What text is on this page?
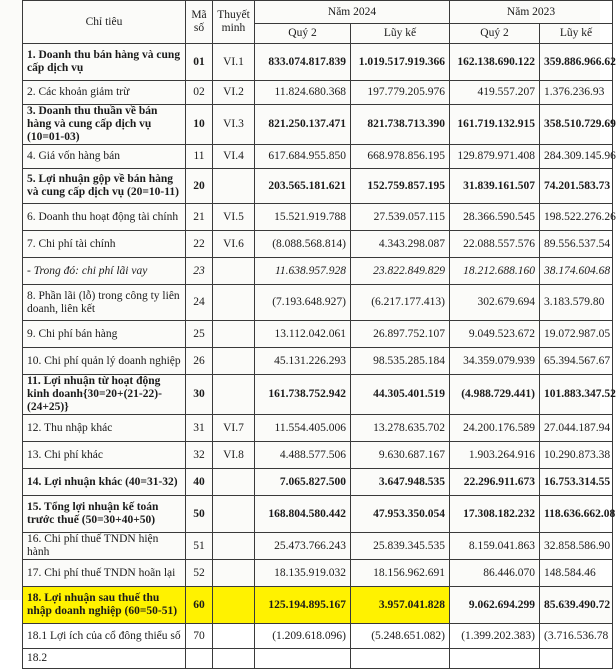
Chỉ tiêu	Mã số	Thuyết minh	Năm 2024		Năm 2023	
			Quý 2	Lũy kế	Quý 2	Lũy kế
1. Doanh thu bán hàng và cung cấp dịch vụ	01	VI.1	833.074.817.839	1.019.517.919.366	162.138.690.122	359.886.966.62
2. Các khoản giảm trừ	02	VI.2	11.824.680.368	197.779.205.976	419.557.207	1.376.236.93
3. Doanh thu thuần về bán hàng và cung cấp dịch vụ (10=01-03)	10	VI.3	821.250.137.471	821.738.713.390	161.719.132.915	358.510.729.69
4. Giá vốn hàng bán	11	VI.4	617.684.955.850	668.978.856.195	129.879.971.408	284.309.145.96
5. Lợi nhuận gộp về bán hàng và cung cấp dịch vụ (20=10-11)	20		203.565.181.621	152.759.857.195	31.839.161.507	74.201.583.73
6. Doanh thu hoạt động tài chính	21	VI.5	15.521.919.788	27.539.057.115	28.366.590.545	198.522.276.26
7. Chi phí tài chính	22	VI.6	(8.088.568.814)	4.343.298.087	22.088.557.576	89.556.537.54
- Trong đó: chi phí lãi vay	23		11.638.957.928	23.822.849.829	18.212.688.160	38.174.604.68
8. Phần lãi (lỗ) trong công ty liên doanh, liên kết	24		(7.193.648.927)	(6.217.177.413)	302.679.694	3.183.579.80
9. Chi phí bán hàng	25		13.112.042.061	26.897.752.107	9.049.523.672	19.072.987.05
10. Chi phí quản lý doanh nghiệp	26		45.131.226.293	98.535.285.184	34.359.079.939	65.394.567.67
11. Lợi nhuận từ hoạt động kinh doanh{30=20+(21-22)-(24+25)}	30		161.738.752.942	44.305.401.519	(4.988.729.441)	101.883.347.52
12. Thu nhập khác	31	VI.7	11.554.405.006	13.278.635.702	24.200.176.589	27.044.187.94
13. Chi phí khác	32	VI.8	4.488.577.506	9.630.687.167	1.903.264.916	10.290.873.38
14. Lợi nhuận khác (40=31-32)	40		7.065.827.500	3.647.948.535	22.296.911.673	16.753.314.55
15. Tổng lợi nhuận kế toán trước thuế (50=30+40+50)	50		168.804.580.442	47.953.350.054	17.308.182.232	118.636.662.08
16. Chi phí thuế TNDN hiện hành	51		25.473.766.243	25.839.345.535	8.159.041.863	32.858.586.90
17. Chi phí thuế TNDN hoãn lại	52		18.135.919.032	18.156.962.691	86.446.070	148.584.46
18. Lợi nhuận sau thuế thu nhập doanh nghiệp (60=50-51)	60		125.194.895.167	3.957.041.828	9.062.694.299	85.639.490.72
18.1 Lợi ích của cổ đông thiểu số	70		(1.209.618.096)	(5.248.651.082)	(1.399.202.383)	(3.716.536.78
18.2						
